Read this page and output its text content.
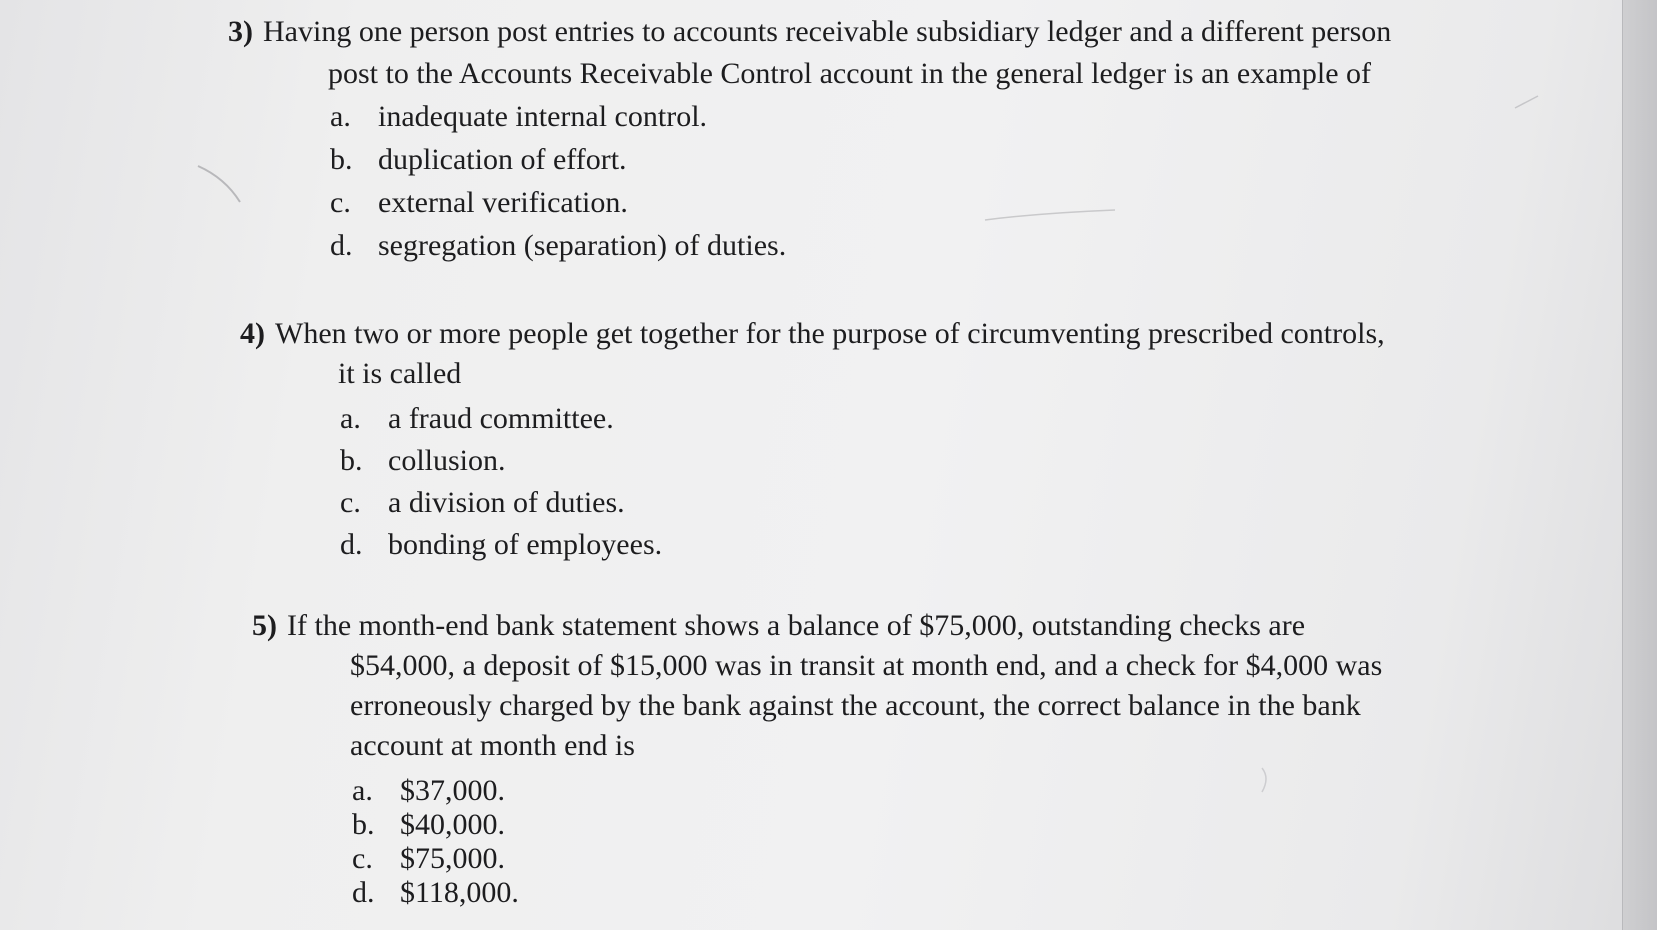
3) Having one person post entries to accounts receivable subsidiary ledger and a different person
post to the Accounts Receivable Control account in the general ledger is an example of
a. inadequate internal control.
b. duplication of effort.
c. external verification.
d. segregation (separation) of duties.
4) When two or more people get together for the purpose of circumventing prescribed controls,
it is called
a. a fraud committee.
b. collusion.
c. a division of duties.
d. bonding of employees.
5) If the month-end bank statement shows a balance of $75,000, outstanding checks are
$54,000, a deposit of $15,000 was in transit at month end, and a check for $4,000 was
erroneously charged by the bank against the account, the correct balance in the bank
account at month end is
a. $37,000.
b. $40,000.
c. $75,000.
d. $118,000.
